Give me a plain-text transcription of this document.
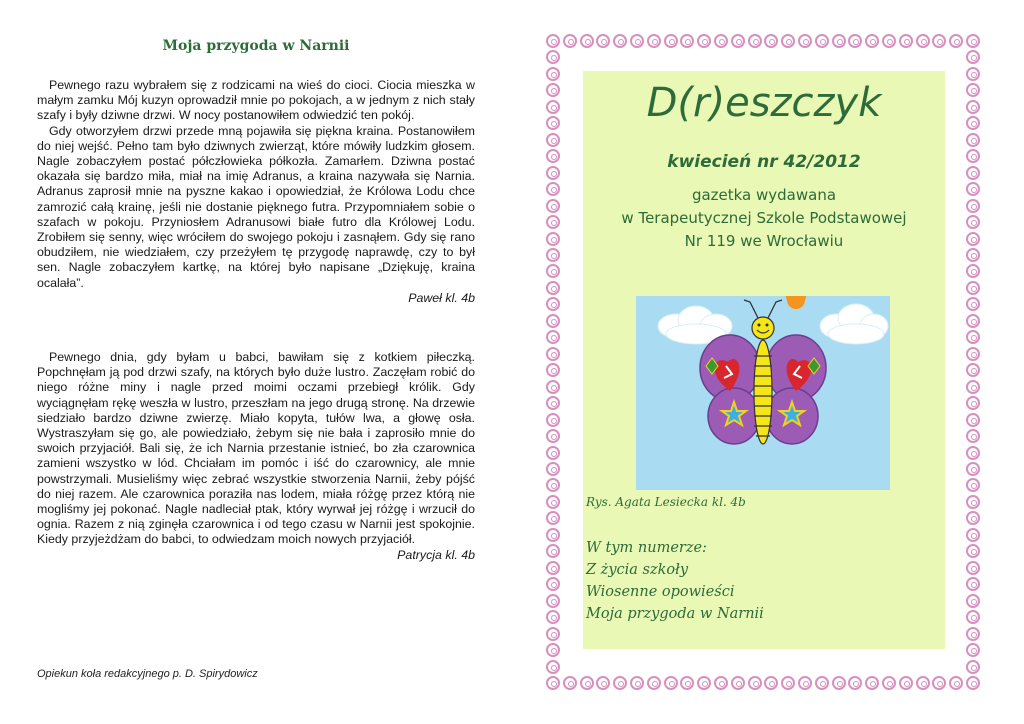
Moja przygoda w Narnii

Pewnego razu wybrałem się z rodzicami na wieś do cioci. Ciocia mieszka w małym zamku Mój kuzyn oprowadził mnie po pokojach, a w jednym z nich stały szafy i były dziwne drzwi. W nocy postanowiłem odwiedzić ten pokój.

Gdy otworzyłem drzwi przede mną pojawiła się piękna kraina. Postanowiłem do niej wejść. Pełno tam było dziwnych zwierząt, które mówiły ludzkim głosem. Nagle zobaczyłem postać półczłowieka półkozła. Zamarłem. Dziwna postać okazała się bardzo miła, miał na imię Adranus, a kraina nazywała się Narnia. Adranus zaprosił mnie na pyszne kakao i opowiedział, że Królowa Lodu chce zamrozić całą krainę, jeśli nie dostanie pięknego futra. Przypomniałem sobie o szafach w pokoju. Przyniosłem Adranusowi białe futro dla Królowej Lodu. Zrobiłem się senny, więc wróciłem do swojego pokoju i zasnąłem. Gdy się rano obudziłem, nie wiedziałem, czy przeżyłem tę przygodę naprawdę, czy to był sen. Nagle zobaczyłem kartkę, na której było napisane „Dziękuję, kraina ocalała”.

Paweł kl. 4b

Pewnego dnia, gdy byłam u babci, bawiłam się z kotkiem piłeczką. Popchnęłam ją pod drzwi szafy, na których było duże lustro. Zaczęłam robić do niego różne miny i nagle przed moimi oczami przebiegł królik. Gdy wyciągnęłam rękę weszła w lustro, przeszłam na jego drugą stronę. Na drzewie siedziało bardzo dziwne zwierzę. Miało kopyta, tułów lwa, a głowę osła. Wystraszyłam się go, ale powiedziało, żebym się nie bała i zaprosiło mnie do swoich przyjaciół. Bali się, że ich Narnia przestanie istnieć, bo zła czarownica zamieni wszystko w lód. Chciałam im pomóc i iść do czarownicy, ale mnie powstrzymali. Musieliśmy więc zebrać wszystkie stworzenia Narnii, żeby pójść do niej razem. Ale czarownica poraziła nas lodem, miała różgę przez którą nie mogliśmy jej pokonać. Nagle nadleciał ptak, który wyrwał jej różgę i wrzucił do ognia. Razem z nią zginęła czarownica i od tego czasu w Narnii jest spokojnie. Kiedy przyjeżdżam do babci, to odwiedzam moich nowych przyjaciół.

Patrycja kl. 4b
Opiekun koła redakcyjnego p. D. Spirydowicz
D(r)eszczyk
kwiecień nr 42/2012
gazetka wydawana
w Terapeutycznej Szkole Podstawowej
Nr 119 we Wrocławiu
Rys. Agata Lesiecka kl. 4b
W tym numerze:
Z życia szkoły
Wiosenne opowieści
Moja przygoda w Narnii
